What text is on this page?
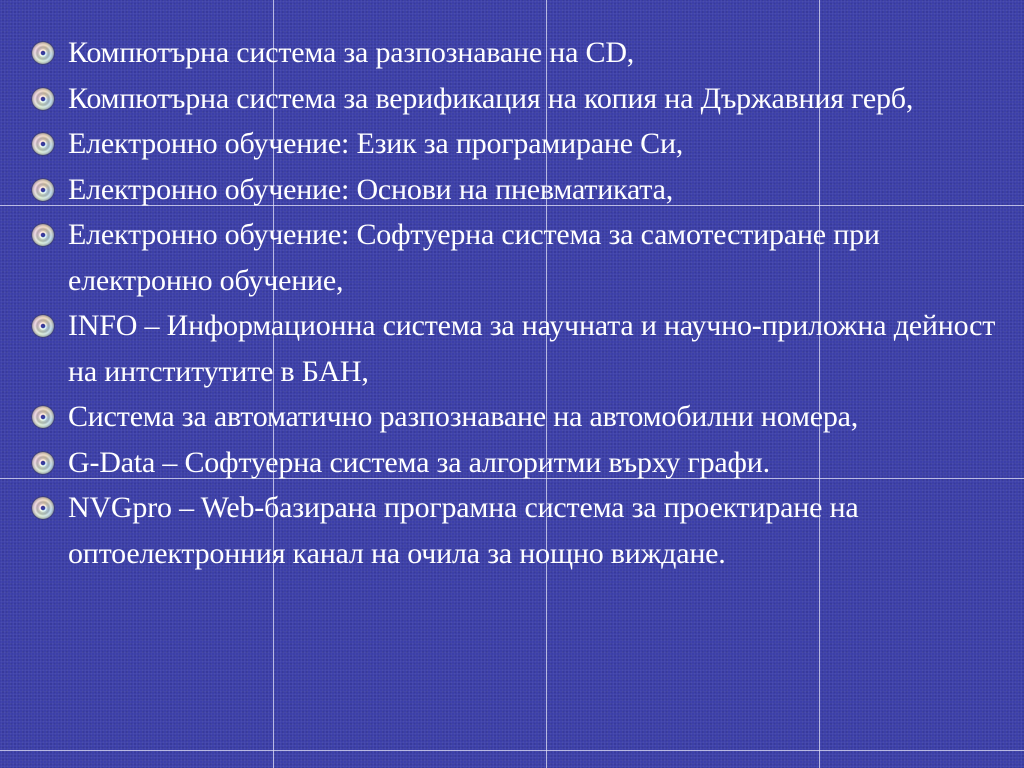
Компютърна система за разпознаване на CD,
Компютърна система за верификация на копия на Държавния герб,
Електронно обучение: Език за програмиране Си,
Електронно обучение: Основи на пневматиката,
Електронно обучение: Софтуерна система за самотестиране при електронно обучение,
INFO – Информационна система за научната и научно-приложна дейност на интститутите в БАН,
Система за автоматично разпознаване на автомобилни номера,
G-Data – Софтуерна система за алгоритми върху графи.
NVGpro – Web-базирана програмна система за проектиране на оптоелектронния канал на очила за нощно виждане.
